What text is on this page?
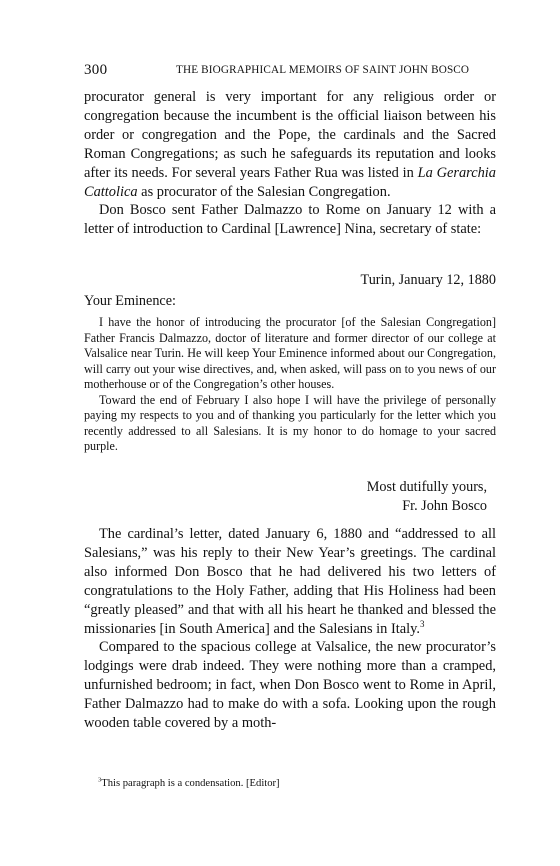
300	THE BIOGRAPHICAL MEMOIRS OF SAINT JOHN BOSCO

procurator general is very important for any religious order or congregation because the incumbent is the official liaison between his order or congregation and the Pope, the cardinals and the Sacred Roman Congregations; as such he safeguards its reputation and looks after its needs. For several years Father Rua was listed in La Gerarchia Cattolica as procurator of the Salesian Congregation.

Don Bosco sent Father Dalmazzo to Rome on January 12 with a letter of introduction to Cardinal [Lawrence] Nina, secretary of state:

Turin, January 12, 1880
Your Eminence:

I have the honor of introducing the procurator [of the Salesian Congregation] Father Francis Dalmazzo, doctor of literature and former director of our college at Valsalice near Turin. He will keep Your Eminence informed about our Congregation, will carry out your wise directives, and, when asked, will pass on to you news of our motherhouse or of the Congregation’s other houses.

Toward the end of February I also hope I will have the privilege of personally paying my respects to you and of thanking you particularly for the letter which you recently addressed to all Salesians. It is my honor to do homage to your sacred purple.

Most dutifully yours,
Fr. John Bosco

The cardinal’s letter, dated January 6, 1880 and “addressed to all Salesians,” was his reply to their New Year’s greetings. The cardinal also informed Don Bosco that he had delivered his two letters of congratulations to the Holy Father, adding that His Holiness had been “greatly pleased” and that with all his heart he thanked and blessed the missionaries [in South America] and the Salesians in Italy.$^3$

Compared to the spacious college at Valsalice, the new procurator’s lodgings were drab indeed. They were nothing more than a cramped, unfurnished bedroom; in fact, when Don Bosco went to Rome in April, Father Dalmazzo had to make do with a sofa. Looking upon the rough wooden table covered by a moth-

$^3$This paragraph is a condensation. [Editor]
